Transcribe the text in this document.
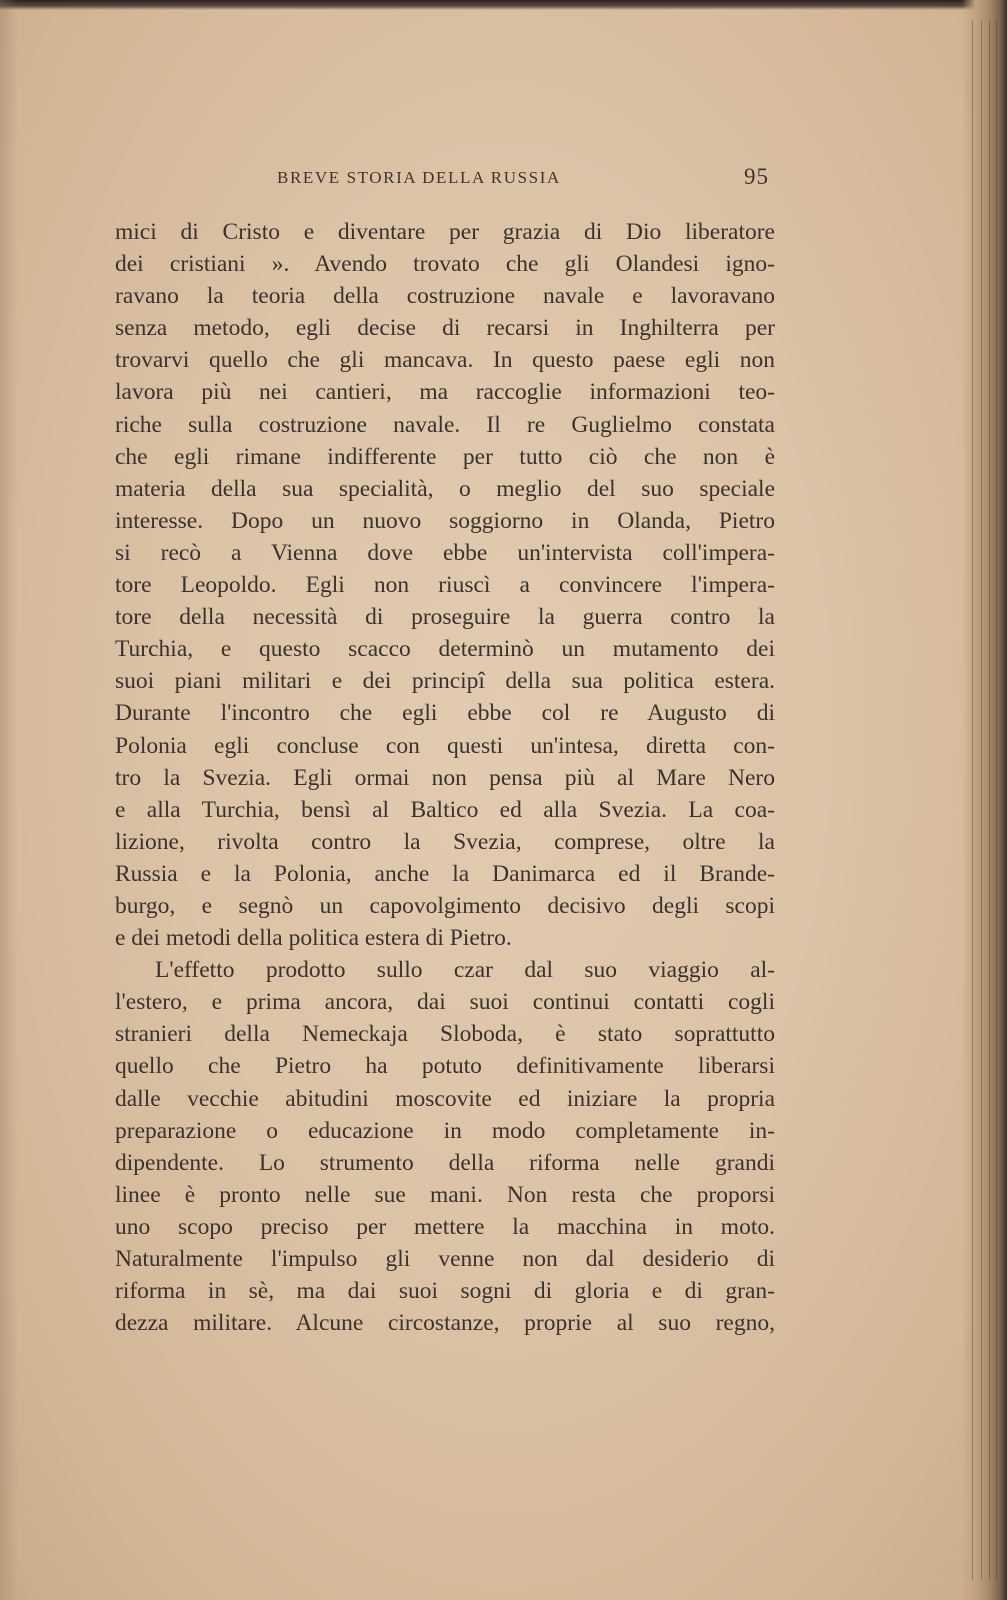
BREVE STORIA DELLA RUSSIA	95
mici di Cristo e diventare per grazia di Dio liberatore
dei cristiani ». Avendo trovato che gli Olandesi igno-
ravano la teoria della costruzione navale e lavoravano
senza metodo, egli decise di recarsi in Inghilterra per
trovarvi quello che gli mancava. In questo paese egli non
lavora più nei cantieri, ma raccoglie informazioni teo-
riche sulla costruzione navale. Il re Guglielmo constata
che egli rimane indifferente per tutto ciò che non è
materia della sua specialità, o meglio del suo speciale
interesse. Dopo un nuovo soggiorno in Olanda, Pietro
si recò a Vienna dove ebbe un'intervista coll'impera-
tore Leopoldo. Egli non riuscì a convincere l'impera-
tore della necessità di proseguire la guerra contro la
Turchia, e questo scacco determinò un mutamento dei
suoi piani militari e dei principî della sua politica estera.
Durante l'incontro che egli ebbe col re Augusto di
Polonia egli concluse con questi un'intesa, diretta con-
tro la Svezia. Egli ormai non pensa più al Mare Nero
e alla Turchia, bensì al Baltico ed alla Svezia. La coa-
lizione, rivolta contro la Svezia, comprese, oltre la
Russia e la Polonia, anche la Danimarca ed il Brande-
burgo, e segnò un capovolgimento decisivo degli scopi
e dei metodi della politica estera di Pietro.
L'effetto prodotto sullo czar dal suo viaggio al-
l'estero, e prima ancora, dai suoi continui contatti cogli
stranieri della Nemeckaja Sloboda, è stato soprattutto
quello che Pietro ha potuto definitivamente liberarsi
dalle vecchie abitudini moscovite ed iniziare la propria
preparazione o educazione in modo completamente in-
dipendente. Lo strumento della riforma nelle grandi
linee è pronto nelle sue mani. Non resta che proporsi
uno scopo preciso per mettere la macchina in moto.
Naturalmente l'impulso gli venne non dal desiderio di
riforma in sè, ma dai suoi sogni di gloria e di gran-
dezza militare. Alcune circostanze, proprie al suo regno,
